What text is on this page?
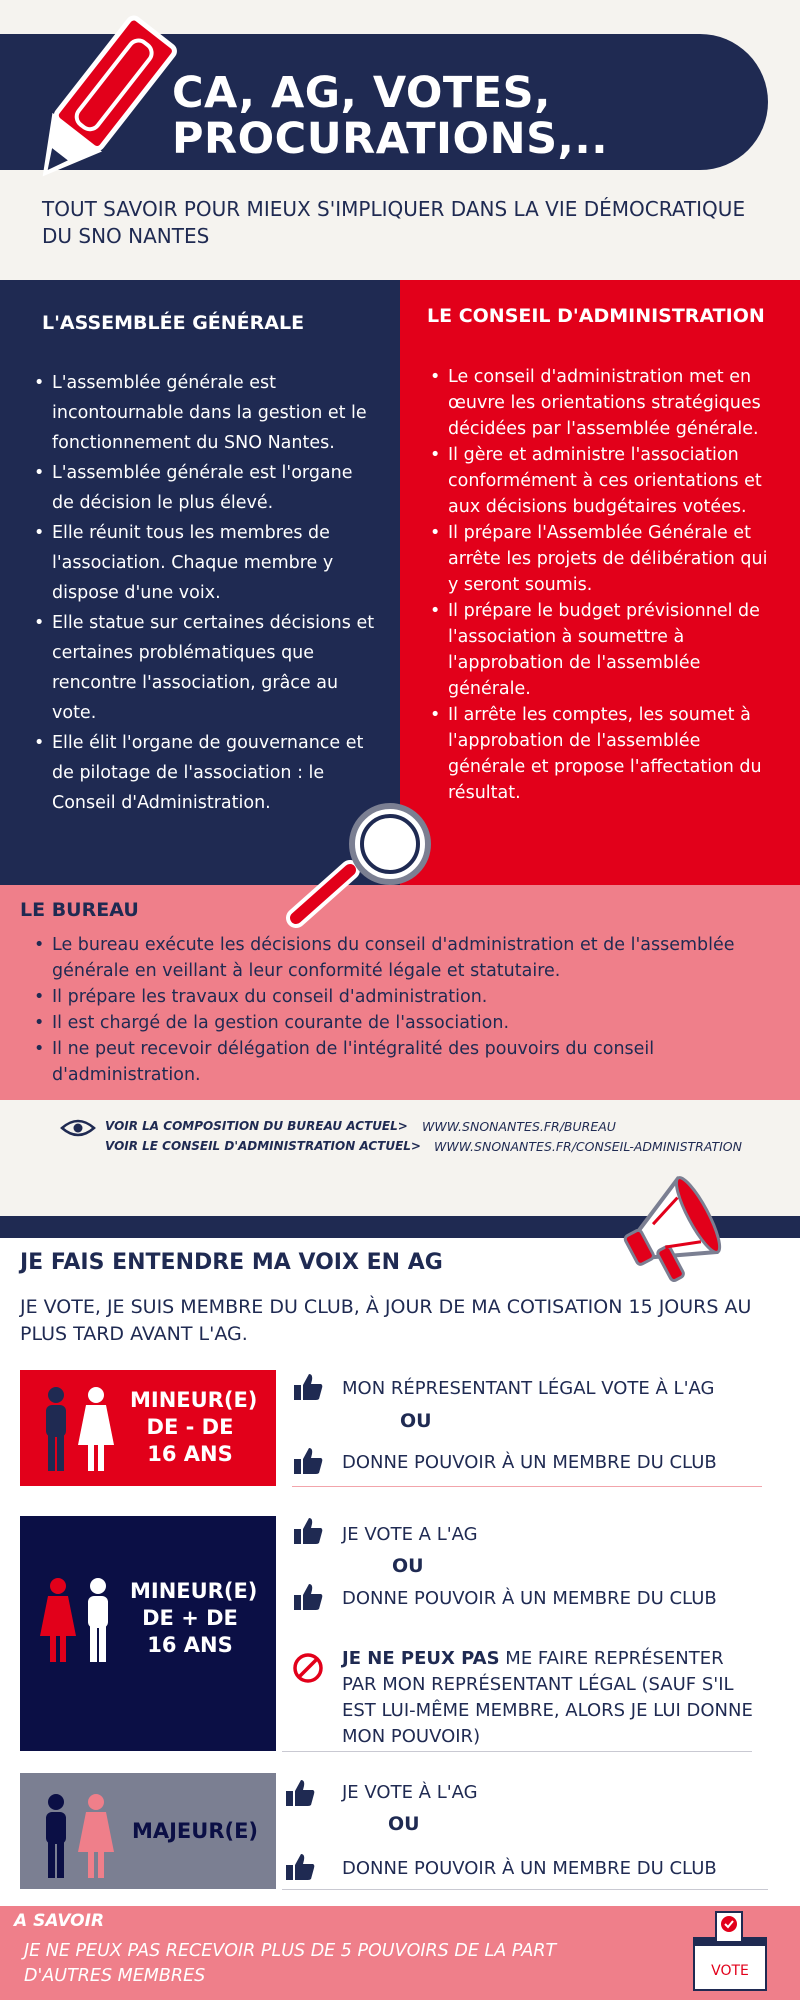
CA, AG, VOTES,
PROCURATIONS,..
TOUT SAVOIR POUR MIEUX S'IMPLIQUER DANS LA VIE DÉMOCRATIQUE DU SNO NANTES
L'ASSEMBLÉE GÉNÉRALE
• L'assemblée générale est incontournable dans la gestion et le fonctionnement du SNO Nantes.
• L'assemblée générale est l'organe de décision le plus élevé.
• Elle réunit tous les membres de l'association. Chaque membre y dispose d'une voix.
• Elle statue sur certaines décisions et certaines problématiques que rencontre l'association, grâce au vote.
• Elle élit l'organe de gouvernance et de pilotage de l'association : le Conseil d'Administration.
LE CONSEIL D'ADMINISTRATION
• Le conseil d'administration met en œuvre les orientations stratégiques décidées par l'assemblée générale.
• Il gère et administre l'association conformément à ces orientations et aux décisions budgétaires votées.
• Il prépare l'Assemblée Générale et arrête les projets de délibération qui y seront soumis.
• Il prépare le budget prévisionnel de l'association à soumettre à l'approbation de l'assemblée générale.
• Il arrête les comptes, les soumet à l'approbation de l'assemblée générale et propose l'affectation du résultat.
LE BUREAU
• Le bureau exécute les décisions du conseil d'administration et de l'assemblée générale en veillant à leur conformité légale et statutaire.
• Il prépare les travaux du conseil d'administration.
• Il est chargé de la gestion courante de l'association.
• Il ne peut recevoir délégation de l'intégralité des pouvoirs du conseil d'administration.
VOIR LA COMPOSITION DU BUREAU ACTUEL> WWW.SNONANTES.FR/BUREAU
VOIR LE CONSEIL D'ADMINISTRATION ACTUEL> WWW.SNONANTES.FR/CONSEIL-ADMINISTRATION
JE FAIS ENTENDRE MA VOIX EN AG
JE VOTE, JE SUIS MEMBRE DU CLUB, À JOUR DE MA COTISATION 15 JOURS AU PLUS TARD AVANT L'AG.
MINEUR(E) DE - DE 16 ANS
MON RÉPRESENTANT LÉGAL VOTE À L'AG
OU
DONNE POUVOIR À UN MEMBRE DU CLUB
MINEUR(E) DE + DE 16 ANS
JE VOTE A L'AG
OU
DONNE POUVOIR À UN MEMBRE DU CLUB
JE NE PEUX PAS ME FAIRE REPRÉSENTER PAR MON REPRÉSENTANT LÉGAL (SAUF S'IL EST LUI-MÊME MEMBRE, ALORS JE LUI DONNE MON POUVOIR)
MAJEUR(E)
JE VOTE À L'AG
OU
DONNE POUVOIR À UN MEMBRE DU CLUB
A SAVOIR
JE NE PEUX PAS RECEVOIR PLUS DE 5 POUVOIRS DE LA PART D'AUTRES MEMBRES	VOTE
